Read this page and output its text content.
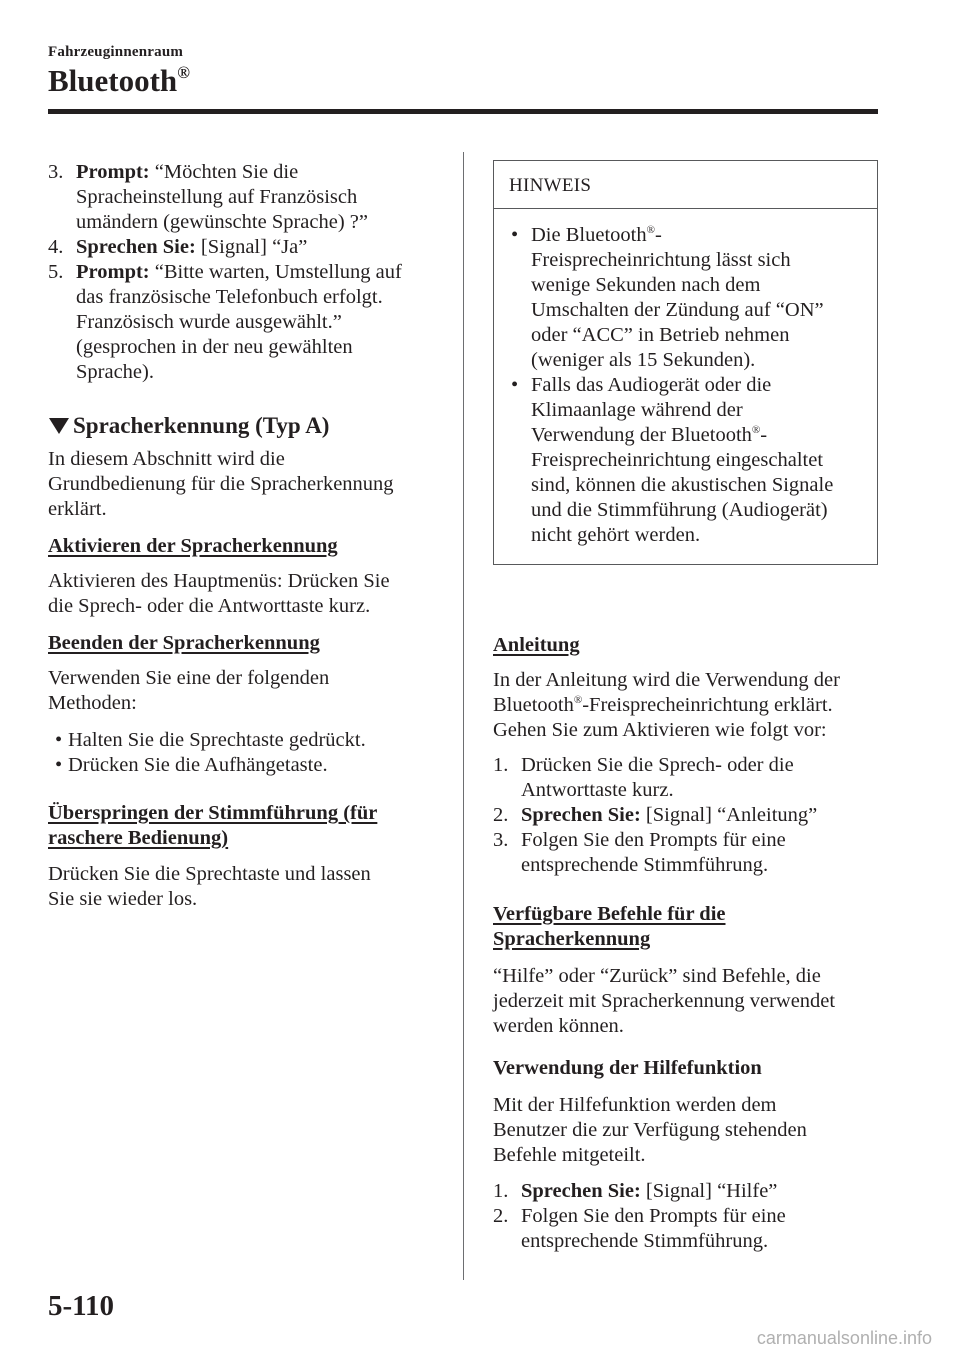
Fahrzeuginnenraum
Bluetooth®
3. Prompt: “Möchten Sie die
Spracheinstellung auf Französisch
umändern (gewünschte Sprache) ?”
4. Sprechen Sie: [Signal] “Ja”
5. Prompt: “Bitte warten, Umstellung auf
das französische Telefonbuch erfolgt.
Französisch wurde ausgewählt.”
(gesprochen in der neu gewählten
Sprache).
Spracherkennung (Typ A)

In diesem Abschnitt wird die
Grundbedienung für die Spracherkennung
erklärt.

Aktivieren der Spracherkennung

Aktivieren des Hauptmenüs: Drücken Sie
die Sprech- oder die Antworttaste kurz.

Beenden der Spracherkennung

Verwenden Sie eine der folgenden
Methoden:

• Halten Sie die Sprechtaste gedrückt.
• Drücken Sie die Aufhängetaste.

Überspringen der Stimmführung (für
raschere Bedienung)

Drücken Sie die Sprechtaste und lassen
Sie sie wieder los.

HINWEIS
• Die Bluetooth®-
Freisprecheinrichtung lässt sich
wenige Sekunden nach dem
Umschalten der Zündung auf “ON”
oder “ACC” in Betrieb nehmen
(weniger als 15 Sekunden).
• Falls das Audiogerät oder die
Klimaanlage während der
Verwendung der Bluetooth®-
Freisprecheinrichtung eingeschaltet
sind, können die akustischen Signale
und die Stimmführung (Audiogerät)
nicht gehört werden.

Anleitung

In der Anleitung wird die Verwendung der
Bluetooth®-Freisprecheinrichtung erklärt.
Gehen Sie zum Aktivieren wie folgt vor:

1. Drücken Sie die Sprech- oder die
Antworttaste kurz.
2. Sprechen Sie: [Signal] “Anleitung”
3. Folgen Sie den Prompts für eine
entsprechende Stimmführung.

Verfügbare Befehle für die
Spracherkennung

“Hilfe” oder “Zurück” sind Befehle, die
jederzeit mit Spracherkennung verwendet
werden können.

Verwendung der Hilfefunktion

Mit der Hilfefunktion werden dem
Benutzer die zur Verfügung stehenden
Befehle mitgeteilt.

1. Sprechen Sie: [Signal] “Hilfe”
2. Folgen Sie den Prompts für eine
entsprechende Stimmführung.
5-110
carmanualsonline.info
